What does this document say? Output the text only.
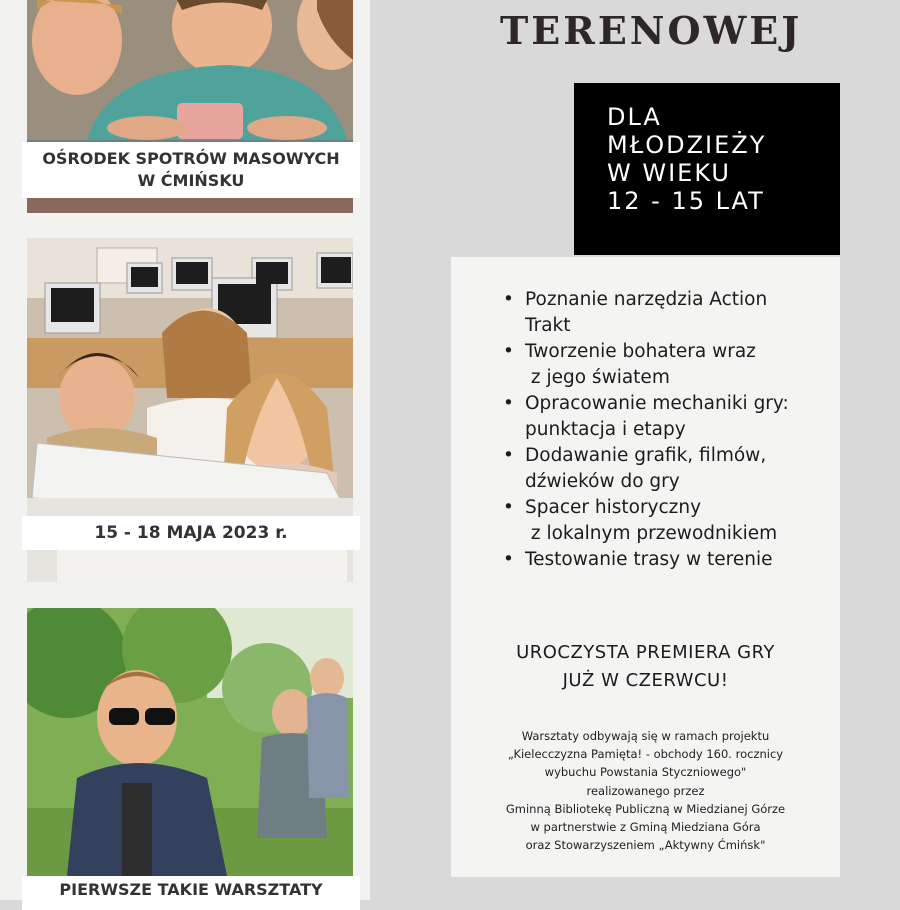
OŚRODEK SPOTRÓW MASOWYCH
W ĆMIŃSKU
15 - 18 MAJA 2023 r.
PIERWSZE TAKIE WARSZTATY
TERENOWEJ
DLA
MŁODZIEŻY
W WIEKU
12 - 15 LAT
• Poznanie narzędzia Action
Trakt
• Tworzenie bohatera wraz
z jego światem
• Opracowanie mechaniki gry:
punktacja i etapy
• Dodawanie grafik, filmów,
dźwieków do gry
• Spacer historyczny
z lokalnym przewodnikiem
• Testowanie trasy w terenie
UROCZYSTA PREMIERA GRY
JUŻ W CZERWCU!
Warsztaty odbywają się w ramach projektu
„Kielecczyzna Pamięta! - obchody 160. rocznicy
wybuchu Powstania Styczniowego"
realizowanego przez
Gminną Bibliotekę Publiczną w Miedzianej Górze
w partnerstwie z Gminą Miedziana Góra
oraz Stowarzyszeniem „Aktywny Ćmińsk"
